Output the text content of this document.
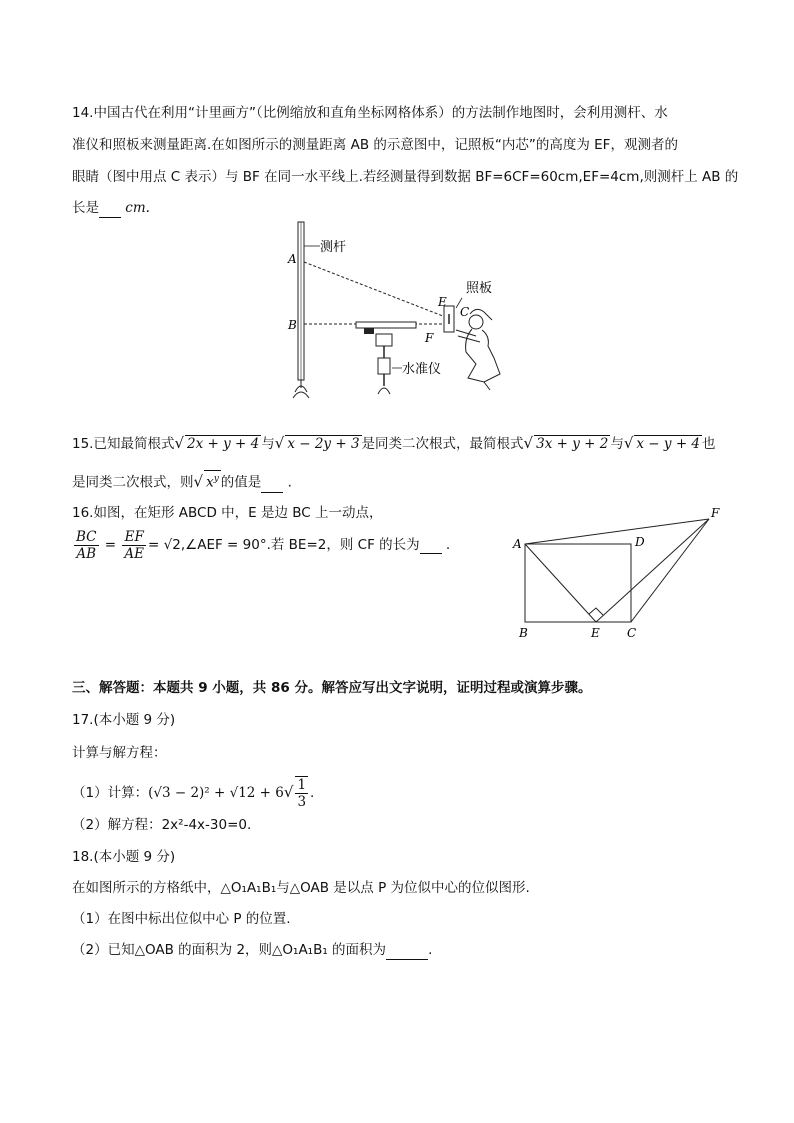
14.中国古代在利用“计里画方”（比例缩放和直角坐标网格体系）的方法制作地图时，会利用测杆、水
准仪和照板来测量距离.在如图所示的测量距离 AB 的示意图中，记照板“内芯”的高度为 EF，观测者的
眼睛（图中用点 C 表示）与 BF 在同一水平线上.若经测量得到数据 BF=6CF=60cm,EF=4cm,则测杆上 AB 的
长是 cm.
测杆
A
B
水准仪
E
F
C
照板
15.已知最简根式√ 2x + y + 4 与√ x − 2y + 3 是同类二次根式，最简根式√ 3x + y + 2 与√ x − y + 4 也
是同类二次根式，则√ $x^y$ 的值是 .
16.如图，在矩形 ABCD 中，E 是边 BC 上一动点，
$\frac{BC}{AB} = \frac{EF}{AE}$ = √2,∠AEF = 90°.若 BE=2，则 CF 的长为 .	A	D
F
B	E C
三、解答题：本题共 9 小题，共 86 分。解答应写出文字说明，证明过程或演算步骤。
17.(本小题 9 分)
计算与解方程：
（1）计算：$(√3 - 2)^2 + √12 + 6√ \frac{1}{3}$ .
（2）解方程：2x²-4x-30=0.
18.(本小题 9 分)
在如图所示的方格纸中，△O₁A₁B₁与△OAB 是以点 P 为位似中心的位似图形.
（1）在图中标出位似中心 P 的位置.
（2）已知△OAB 的面积为 2，则△O₁A₁B₁ 的面积为	.
